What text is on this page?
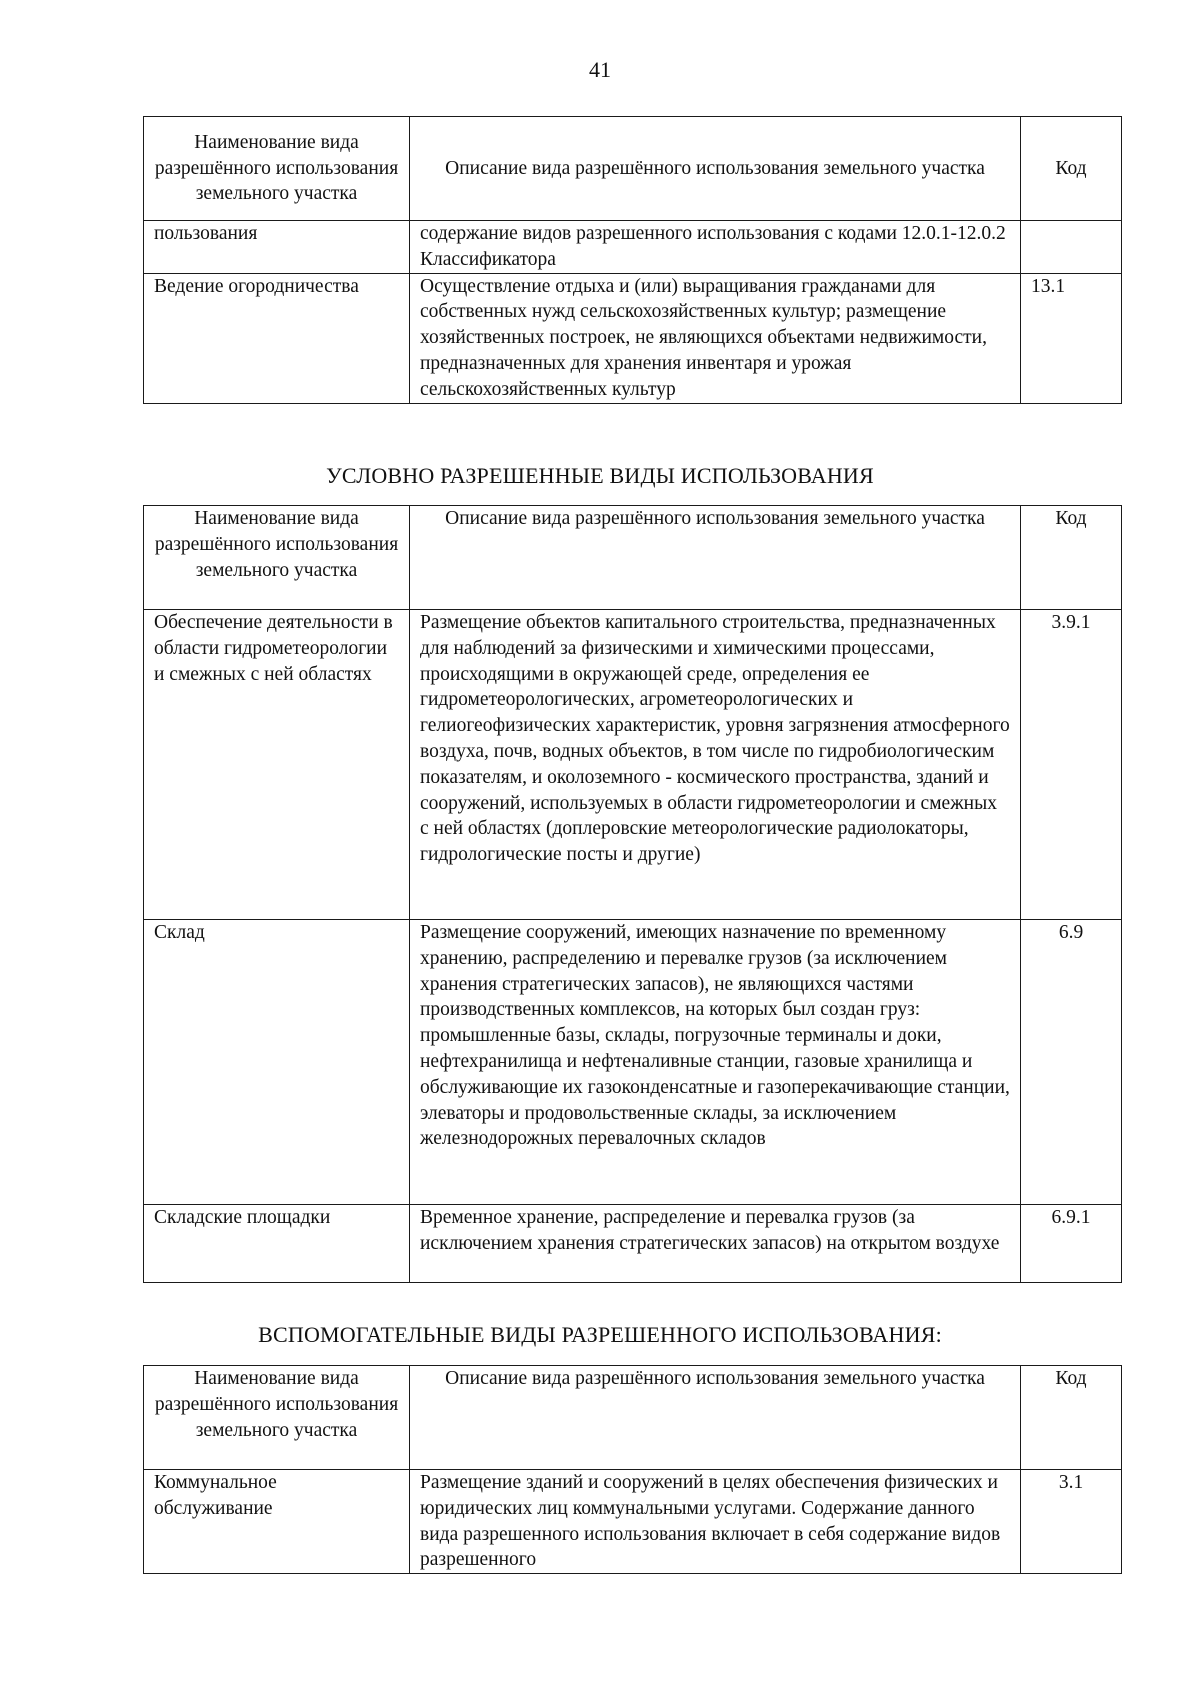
41
Наименование вида разрешённого использования земельного участка	Описание вида разрешённого использования земельного участка	Код
пользования	содержание видов разрешенного использования с кодами 12.0.1-12.0.2 Классификатора	
Ведение огородничества	Осуществление отдыха и (или) выращивания гражданами для собственных нужд сельскохозяйственных культур; размещение хозяйственных построек, не являющихся объектами недвижимости, предназначенных для хранения инвентаря и урожая сельскохозяйственных культур	13.1
УСЛОВНО РАЗРЕШЕННЫЕ ВИДЫ ИСПОЛЬЗОВАНИЯ
Наименование вида разрешённого использования земельного участка	Описание вида разрешённого использования земельного участка	Код
Обеспечение деятельности в области гидрометеорологии и смежных с ней областях	Размещение объектов капитального строительства, предназначенных для наблюдений за физическими и химическими процессами, происходящими в окружающей среде, определения ее гидрометеорологических, агрометеорологических и гелиогеофизических характеристик, уровня загрязнения атмосферного воздуха, почв, водных объектов, в том числе по гидробиологическим показателям, и околоземного - космического пространства, зданий и сооружений, используемых в области гидрометеорологии и смежных с ней областях (доплеровские метеорологические радиолокаторы, гидрологические посты и другие)	3.9.1
Склад	Размещение сооружений, имеющих назначение по временному хранению, распределению и перевалке грузов (за исключением хранения стратегических запасов), не являющихся частями производственных комплексов, на которых был создан груз: промышленные базы, склады, погрузочные терминалы и доки, нефтехранилища и нефтеналивные станции, газовые хранилища и обслуживающие их газоконденсатные и газоперекачивающие станции, элеваторы и продовольственные склады, за исключением железнодорожных перевалочных складов	6.9
Складские площадки	Временное хранение, распределение и перевалка грузов (за исключением хранения стратегических запасов) на открытом воздухе	6.9.1
ВСПОМОГАТЕЛЬНЫЕ ВИДЫ РАЗРЕШЕННОГО ИСПОЛЬЗОВАНИЯ:
Наименование вида разрешённого использования земельного участка	Описание вида разрешённого использования земельного участка	Код
Коммунальное обслуживание	Размещение зданий и сооружений в целях обеспечения физических и юридических лиц коммунальными услугами. Содержание данного вида разрешенного использования включает в себя содержание видов разрешенного	3.1
